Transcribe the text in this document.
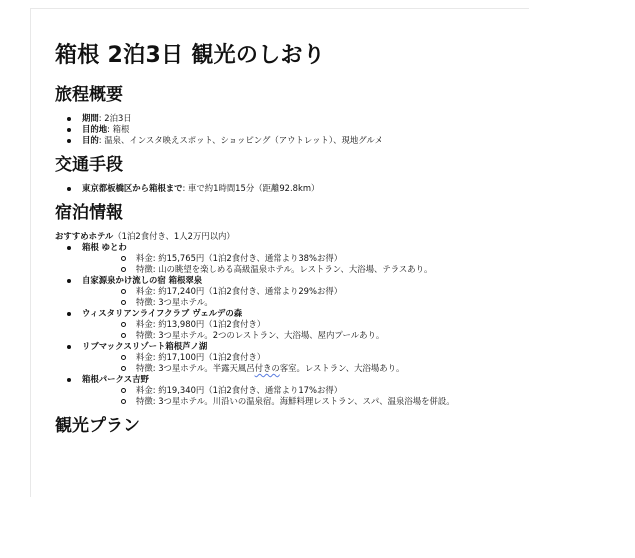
箱根 2泊3日 観光のしおり
旅程概要
期間: 2泊3日
目的地: 箱根
目的: 温泉、インスタ映えスポット、ショッピング（アウトレット）、現地グルメ
交通手段
東京都板橋区から箱根まで: 車で約1時間15分（距離92.8km）
宿泊情報
おすすめホテル（1泊2食付き、1人2万円以内）
箱根 ゆとわ
料金: 約15,765円（1泊2食付き、通常より38%お得）
特徴: 山の眺望を楽しめる高級温泉ホテル。レストラン、大浴場、テラスあり。
自家源泉かけ流しの宿 箱根翠泉
料金: 約17,240円（1泊2食付き、通常より29%お得）
特徴: 3つ星ホテル。
ウィスタリアンライフクラブ ヴェルデの森
料金: 約13,980円（1泊2食付き）
特徴: 3つ星ホテル。2つのレストラン、大浴場、屋内プールあり。
リブマックスリゾート箱根芦ノ湖
料金: 約17,100円（1泊2食付き）
特徴: 3つ星ホテル。半露天風呂付きの客室。レストラン、大浴場あり。
箱根パークス吉野
料金: 約19,340円（1泊2食付き、通常より17%お得）
特徴: 3つ星ホテル。川沿いの温泉宿。海鮮料理レストラン、スパ、温泉浴場を併設。
観光プラン
